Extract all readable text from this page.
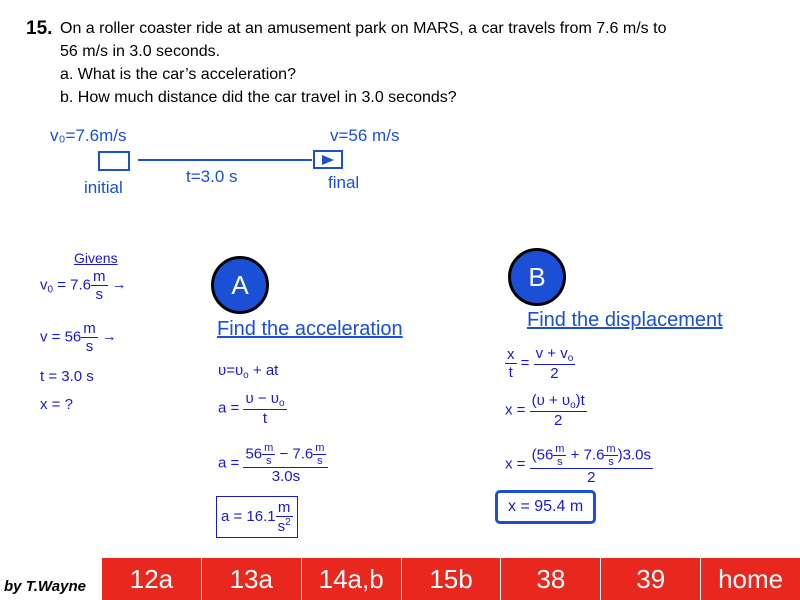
15. On a roller coaster ride at an amusement park on MARS, a car travels from 7.6 m/s to
56 m/s in 3.0 seconds.
a. What is the car’s acceleration?
b. How much distance did the car travel in 3.0 seconds?
v₀=7.6m/s	v=56 m/s
initial
t=3.0 s	final
Givens
$v_0 = 7.6 \frac{m}{s}$ →
$v = 56 \frac{m}{s}$ →
t = 3.0 s
x = ?
A
Find the acceleration
$\upsilon=\upsilon_o$ + at
$a = \frac{\upsilon - \upsilon_o}{t}$
$a = \frac{56 \frac{m}{s} - 7.6 \frac{m}{s}}{3.0s}$
$a = 16.1 \frac{m}{s^2}$
B
Find the displacement
$\frac{x}{t} = \frac{v + v_o}{2}$
$x = \frac{(\upsilon + \upsilon_o)t}{2}$
$x = \frac{(56 \frac{m}{s} + 7.6 \frac{m}{s} )3.0s}{2}$
x = 95.4 m
by T.Wayne	12a	13a	14a,b	15b	38	39	home
